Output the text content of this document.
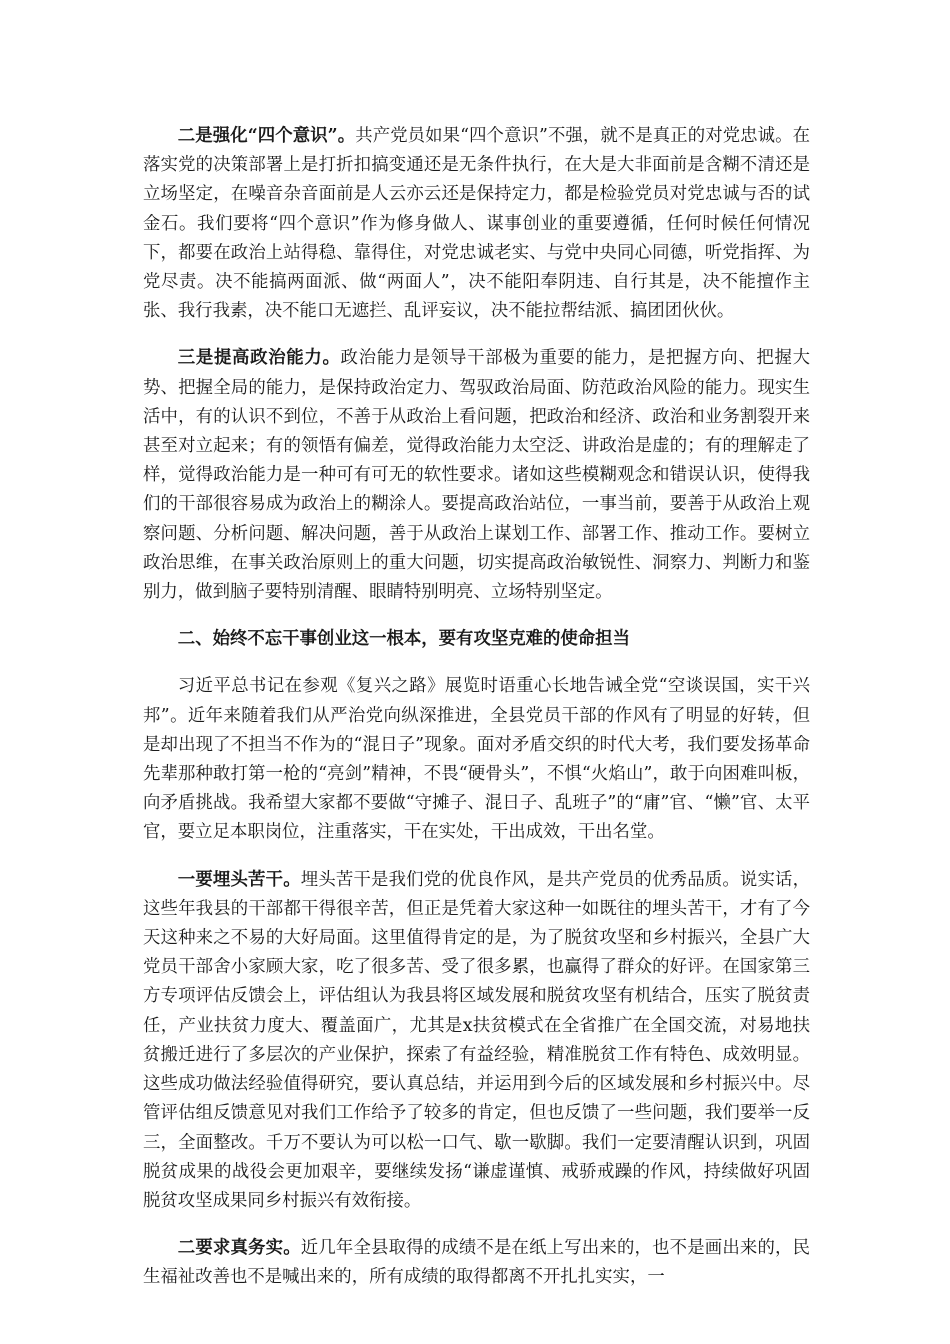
二是强化“四个意识”。共产党员如果“四个意识”不强，就不是真正的对党忠诚。在落实党的决策部署上是打折扣搞变通还是无条件执行，在大是大非面前是含糊不清还是立场坚定，在噪音杂音面前是人云亦云还是保持定力，都是检验党员对党忠诚与否的试金石。我们要将“四个意识”作为修身做人、谋事创业的重要遵循，任何时候任何情况下，都要在政治上站得稳、靠得住，对党忠诚老实、与党中央同心同德，听党指挥、为党尽责。决不能搞两面派、做“两面人”，决不能阳奉阴违、自行其是，决不能擅作主张、我行我素，决不能口无遮拦、乱评妄议，决不能拉帮结派、搞团团伙伙。

三是提高政治能力。政治能力是领导干部极为重要的能力，是把握方向、把握大势、把握全局的能力，是保持政治定力、驾驭政治局面、防范政治风险的能力。现实生活中，有的认识不到位，不善于从政治上看问题，把政治和经济、政治和业务割裂开来甚至对立起来；有的领悟有偏差，觉得政治能力太空泛、讲政治是虚的；有的理解走了样，觉得政治能力是一种可有可无的软性要求。诸如这些模糊观念和错误认识，使得我们的干部很容易成为政治上的糊涂人。要提高政治站位，一事当前，要善于从政治上观察问题、分析问题、解决问题，善于从政治上谋划工作、部署工作、推动工作。要树立政治思维，在事关政治原则上的重大问题，切实提高政治敏锐性、洞察力、判断力和鉴别力，做到脑子要特别清醒、眼睛特别明亮、立场特别坚定。

二、始终不忘干事创业这一根本，要有攻坚克难的使命担当

习近平总书记在参观《复兴之路》展览时语重心长地告诫全党“空谈误国，实干兴邦”。近年来随着我们从严治党向纵深推进，全县党员干部的作风有了明显的好转，但是却出现了不担当不作为的“混日子”现象。面对矛盾交织的时代大考，我们要发扬革命先辈那种敢打第一枪的“亮剑”精神，不畏“硬骨头”，不惧“火焰山”，敢于向困难叫板，向矛盾挑战。我希望大家都不要做“守摊子、混日子、乱班子”的“庸”官、“懒”官、太平官，要立足本职岗位，注重落实，干在实处，干出成效，干出名堂。

一要埋头苦干。埋头苦干是我们党的优良作风，是共产党员的优秀品质。说实话，这些年我县的干部都干得很辛苦，但正是凭着大家这种一如既往的埋头苦干，才有了今天这种来之不易的大好局面。这里值得肯定的是，为了脱贫攻坚和乡村振兴，全县广大党员干部舍小家顾大家，吃了很多苦、受了很多累，也赢得了群众的好评。在国家第三方专项评估反馈会上，评估组认为我县将区域发展和脱贫攻坚有机结合，压实了脱贫责任，产业扶贫力度大、覆盖面广，尤其是x扶贫模式在全省推广在全国交流，对易地扶贫搬迁进行了多层次的产业保护，探索了有益经验，精准脱贫工作有特色、成效明显。这些成功做法经验值得研究，要认真总结，并运用到今后的区域发展和乡村振兴中。尽管评估组反馈意见对我们工作给予了较多的肯定，但也反馈了一些问题，我们要举一反三，全面整改。千万不要认为可以松一口气、歇一歇脚。我们一定要清醒认识到，巩固脱贫成果的战役会更加艰辛，要继续发扬“谦虚谨慎、戒骄戒躁的作风，持续做好巩固脱贫攻坚成果同乡村振兴有效衔接。

二要求真务实。近几年全县取得的成绩不是在纸上写出来的，也不是画出来的，民生福祉改善也不是喊出来的，所有成绩的取得都离不开扎扎实实，一
